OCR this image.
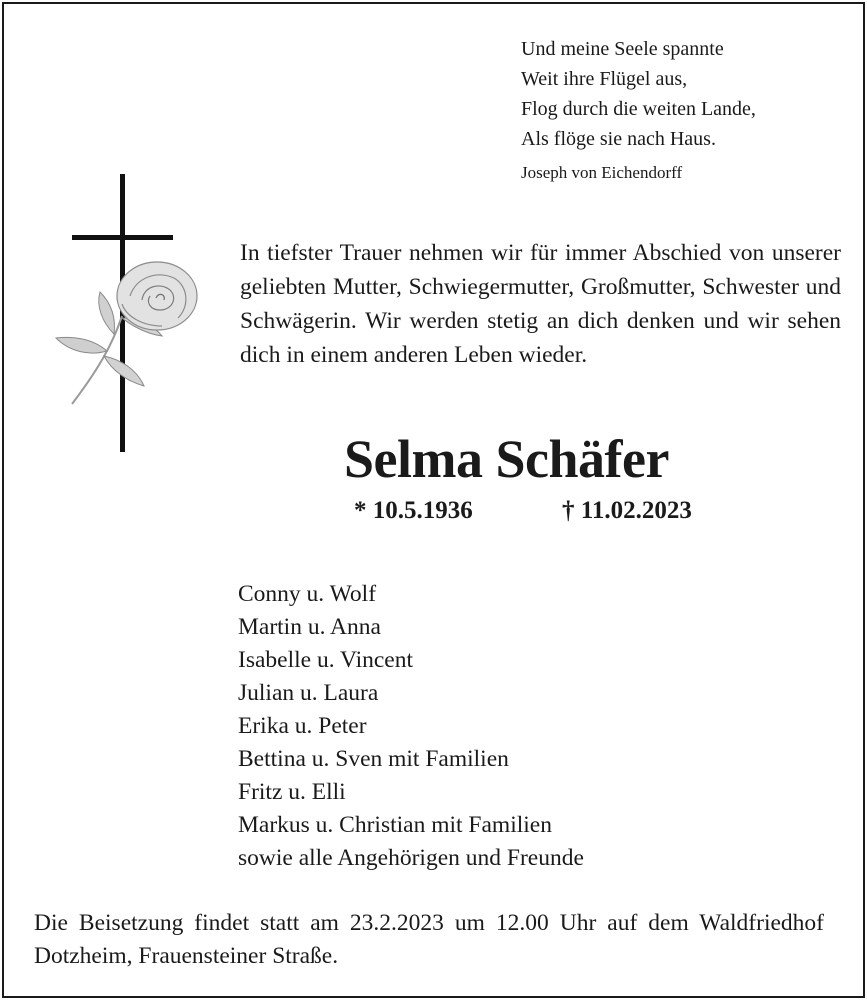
Und meine Seele spannte
Weit ihre Flügel aus,
Flog durch die weiten Lande,
Als flöge sie nach Haus.
Joseph von Eichendorff
In tiefster Trauer nehmen wir für immer Abschied von unserer geliebten Mutter, Schwiegermutter, Großmutter, Schwester und Schwägerin. Wir werden stetig an dich denken und wir sehen dich in einem anderen Leben wieder.
Selma Schäfer
* 10.5.1936	† 11.02.2023
Conny u. Wolf
Martin u. Anna
Isabelle u. Vincent
Julian u. Laura
Erika u. Peter
Bettina u. Sven mit Familien
Fritz u. Elli
Markus u. Christian mit Familien
sowie alle Angehörigen und Freunde
Die Beisetzung findet statt am 23.2.2023 um 12.00 Uhr auf dem Waldfriedhof Dotzheim, Frauensteiner Straße.
